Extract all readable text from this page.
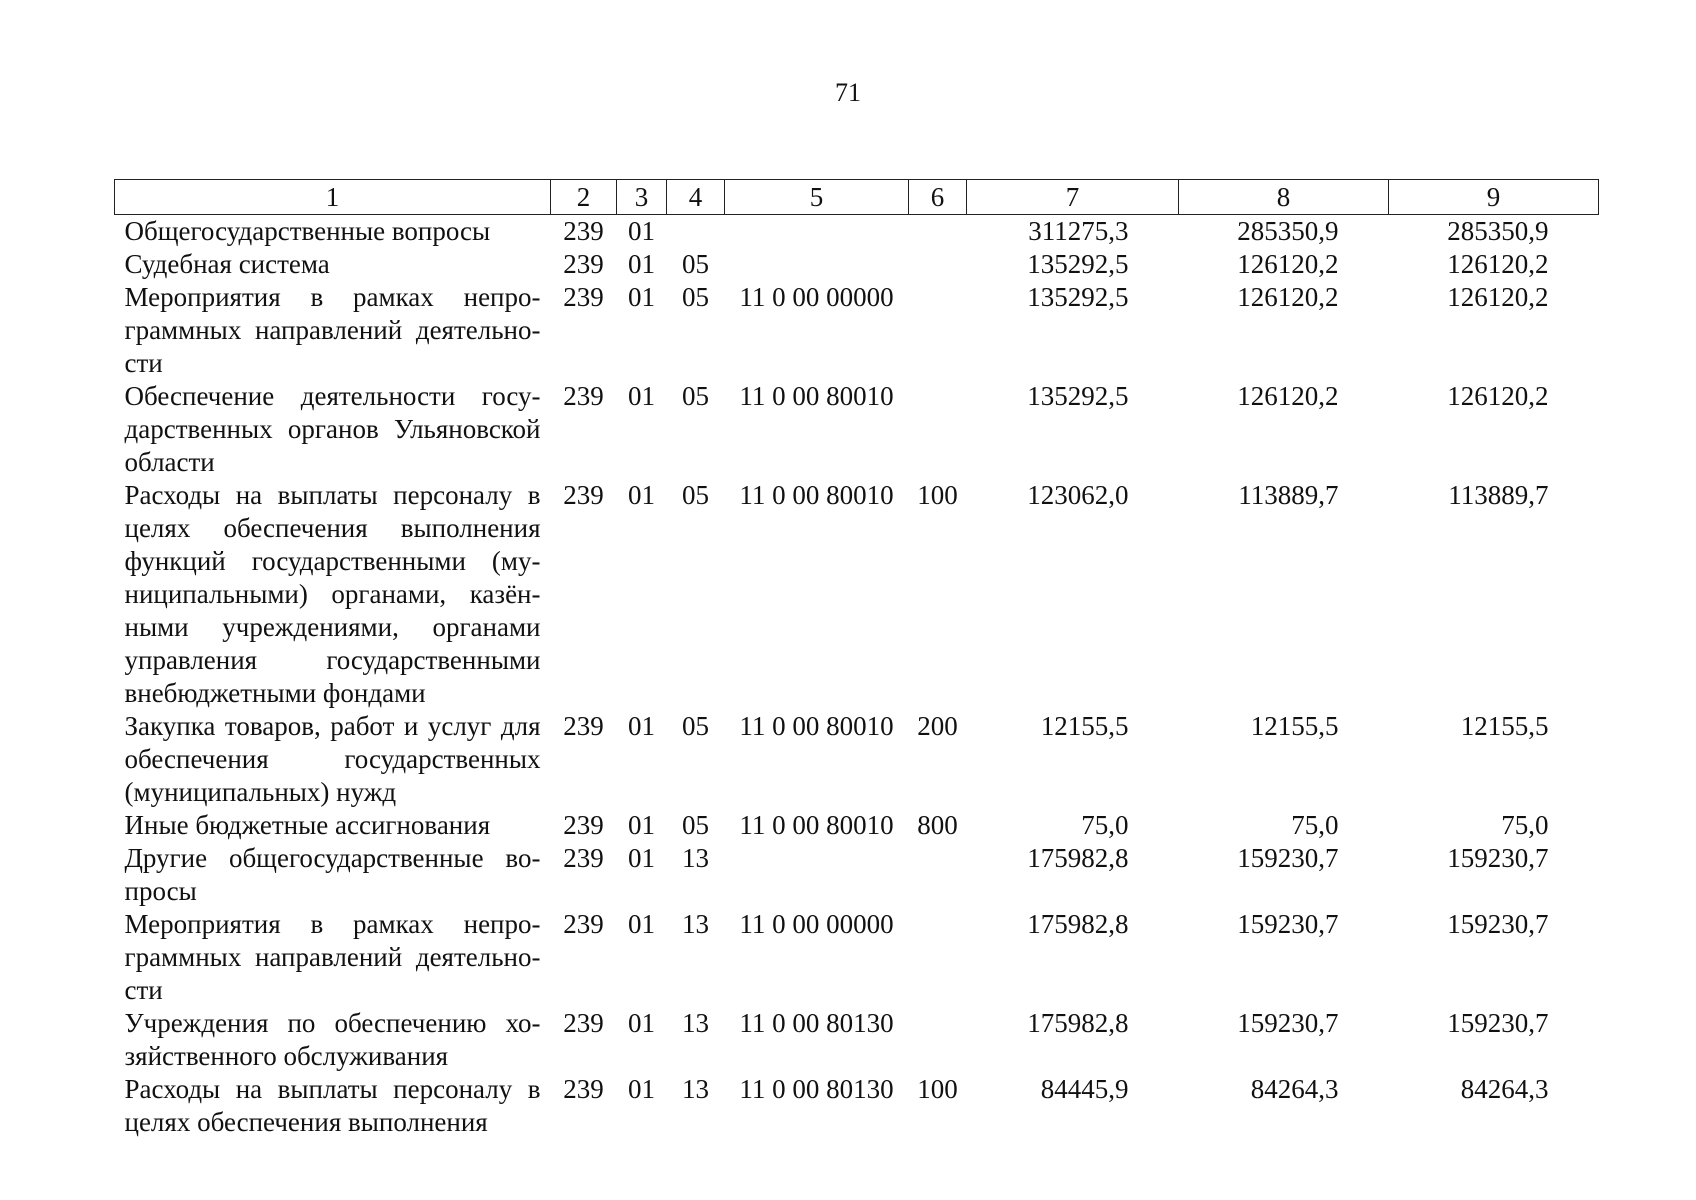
71
1	2	3	4	5	6	7	8	9
Общегосударственные вопросы	239	01				311275,3	285350,9	285350,9
Судебная система	239	01	05			135292,5	126120,2	126120,2
Мероприятия в рамках непро-граммных направлений деятельно-сти	239	01	05	11 0 00 00000		135292,5	126120,2	126120,2
Обеспечение деятельности госу-дарственных органов Ульяновской области	239	01	05	11 0 00 80010		135292,5	126120,2	126120,2
Расходы на выплаты персоналу в целях обеспечения выполнения функций государственными (му-ниципальными) органами, казён-ными учреждениями, органами управления государственными внебюджетными фондами	239	01	05	11 0 00 80010	100	123062,0	113889,7	113889,7
Закупка товаров, работ и услуг для обеспечения государственных (муниципальных) нужд	239	01	05	11 0 00 80010	200	12155,5	12155,5	12155,5
Иные бюджетные ассигнования	239	01	05	11 0 00 80010	800	75,0	75,0	75,0
Другие общегосударственные во-просы	239	01	13			175982,8	159230,7	159230,7
Мероприятия в рамках непро-граммных направлений деятельно-сти	239	01	13	11 0 00 00000		175982,8	159230,7	159230,7
Учреждения по обеспечению хо-зяйственного обслуживания	239	01	13	11 0 00 80130		175982,8	159230,7	159230,7
Расходы на выплаты персоналу в целях обеспечения выполнения	239	01	13	11 0 00 80130	100	84445,9	84264,3	84264,3
